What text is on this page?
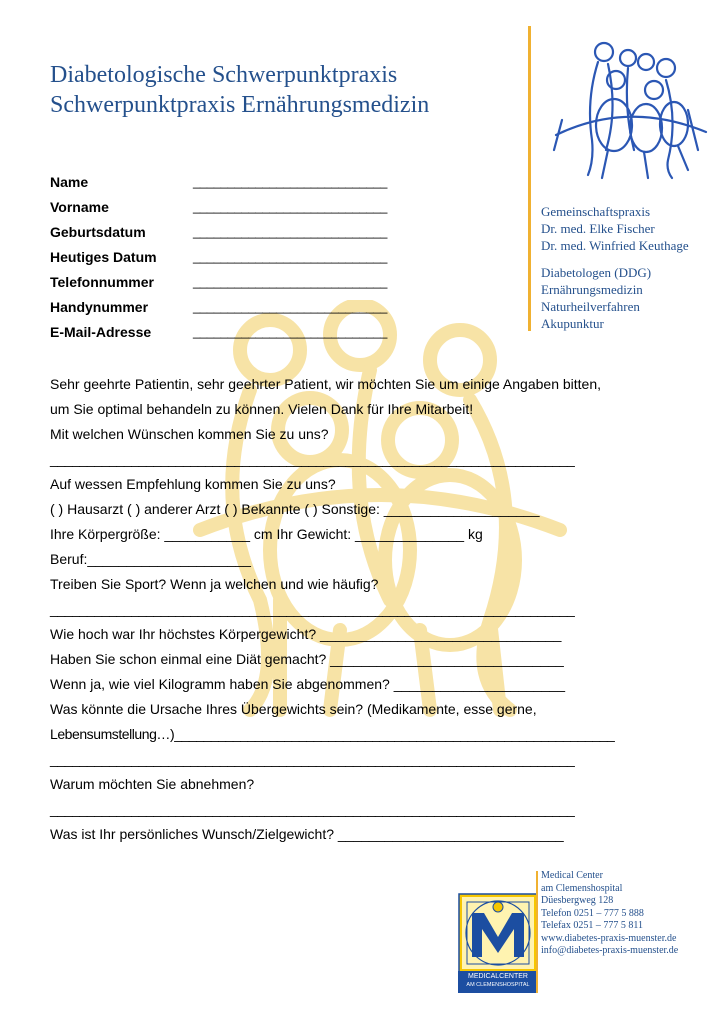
Diabetologische Schwerpunktpraxis
Schwerpunktpraxis Ernährungsmedizin
Gemeinschaftspraxis
Dr. med. Elke Fischer
Dr. med. Winfried Keuthage
Diabetologen (DDG)
Ernährungsmedizin
Naturheilverfahren
Akupunktur
Name	____________________________
Vorname	____________________________
Geburtsdatum	____________________________
Heutiges Datum	____________________________
Telefonnummer	____________________________
Handynummer	____________________________
E-Mail-Adresse	____________________________
Sehr geehrte Patientin, sehr geehrter Patient, wir möchten Sie um einige Angaben bitten,
um Sie optimal behandeln zu können. Vielen Dank für Ihre Mitarbeit!
Mit welchen Wünschen kommen Sie zu uns?
_______________________________________________________________________
Auf wessen Empfehlung kommen Sie zu uns?
( ) Hausarzt ( ) anderer Arzt ( ) Bekannte ( ) Sonstige: ____________________
Ihre Körpergröße: ___________ cm Ihr Gewicht: ______________ kg
Beruf:_____________________
Treiben Sie Sport? Wenn ja welchen und wie häufig?
_______________________________________________________________________
Wie hoch war Ihr höchstes Körpergewicht? _______________________________
Haben Sie schon einmal eine Diät gemacht? ______________________________
Wenn ja, wie viel Kilogramm haben Sie abgenommen? ______________________
Was könnte die Ursache Ihres Übergewichts sein? (Medikamente, esse gerne,
Lebensumstellung…)____________________________________________________________
_______________________________________________________________________
Warum möchten Sie abnehmen?
_______________________________________________________________________
Was ist Ihr persönliches Wunsch/Zielgewicht? _____________________________
MEDICALCENTER
AM CLEMENSHOSPITAL
Medical Center
am Clemenshospital
Düesbergweg 128
Telefon 0251 – 777 5 888
Telefax 0251 – 777 5 811
www.diabetes-praxis-muenster.de
info@diabetes-praxis-muenster.de
